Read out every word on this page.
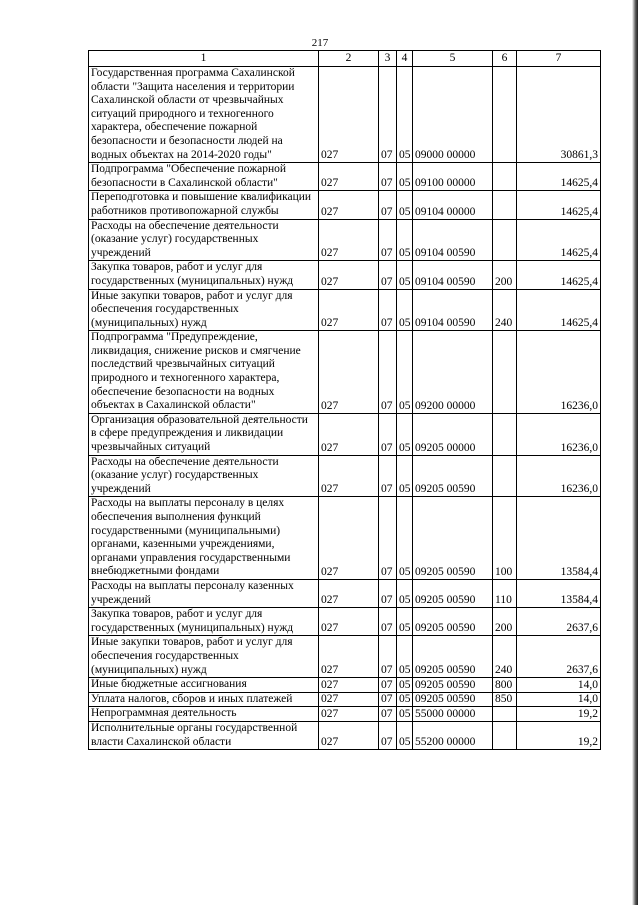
217
1	2	3	4	5	6	7
Государственная программа Сахалинской области "Защита населения и территории Сахалинской области от чрезвычайных ситуаций природного и техногенного характера, обеспечение пожарной безопасности и безопасности людей на водных объектах на 2014-2020 годы"	027	07	05	09000 00000		30861,3
Подпрограмма "Обеспечение пожарной безопасности в Сахалинской области"	027	07	05	09100 00000		14625,4
Переподготовка и повышение квалификации работников противопожарной службы	027	07	05	09104 00000		14625,4
Расходы на обеспечение деятельности (оказание услуг) государственных учреждений	027	07	05	09104 00590		14625,4
Закупка товаров, работ и услуг для государственных (муниципальных) нужд	027	07	05	09104 00590	200	14625,4
Иные закупки товаров, работ и услуг для обеспечения государственных (муниципальных) нужд	027	07	05	09104 00590	240	14625,4
Подпрограмма "Предупреждение, ликвидация, снижение рисков и смягчение последствий чрезвычайных ситуаций природного и техногенного характера, обеспечение безопасности на водных объектах в Сахалинской области"	027	07	05	09200 00000		16236,0
Организация образовательной деятельности в сфере предупреждения и ликвидации чрезвычайных ситуаций	027	07	05	09205 00000		16236,0
Расходы на обеспечение деятельности (оказание услуг) государственных учреждений	027	07	05	09205 00590		16236,0
Расходы на выплаты персоналу в целях обеспечения выполнения функций государственными (муниципальными) органами, казенными учреждениями, органами управления государственными внебюджетными фондами	027	07	05	09205 00590	100	13584,4
Расходы на выплаты персоналу казенных учреждений	027	07	05	09205 00590	110	13584,4
Закупка товаров, работ и услуг для государственных (муниципальных) нужд	027	07	05	09205 00590	200	2637,6
Иные закупки товаров, работ и услуг для обеспечения государственных (муниципальных) нужд	027	07	05	09205 00590	240	2637,6
Иные бюджетные ассигнования	027	07	05	09205 00590	800	14,0
Уплата налогов, сборов и иных платежей	027	07	05	09205 00590	850	14,0
Непрограммная деятельность	027	07	05	55000 00000		19,2
Исполнительные органы государственной власти Сахалинской области	027	07	05	55200 00000		19,2
